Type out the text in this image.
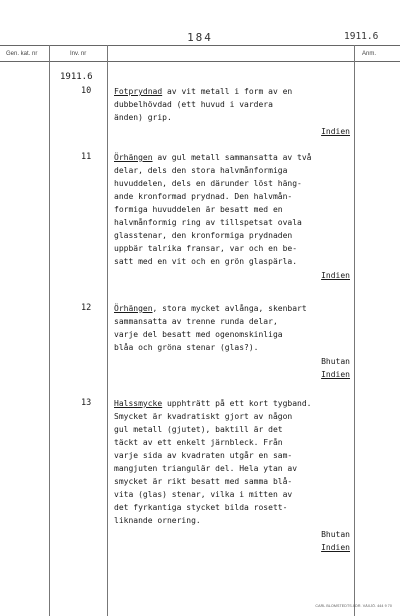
184	1911.6
Gen. kat. nr	Inv. nr	Anm.
1911.6
10	Fotprydnad av vit metall i form av en

dubbelhövdad (ett huvud i vardera

änden) grip.

Indien

11	Örhängen av gul metall sammansatta av två

delar, dels den stora halvmånformiga

huvuddelen, dels en därunder löst häng-

ande kronformad prydnad. Den halvmån-

formiga huvuddelen är besatt med en

halvmånformig ring av tillspetsat ovala

glasstenar, den kronformiga prydnaden

uppbär talrika fransar, var och en be-

satt med en vit och en grön glaspärla.

Indien

12	Örhängen, stora mycket avlånga, skenbart

sammansatta av trenne runda delar,

varje del besatt med ogenomskinliga

blåa och gröna stenar (glas?).

Bhutan

Indien

13	Halssmycke upphträtt på ett kort tygband.

Smycket är kvadratiskt gjort av någon

gul metall (gjutet), baktill är det

täckt av ett enkelt järnbleck. Från

varje sida av kvadraten utgår en sam-

mangjuten triangulär del. Hela ytan av

smycket är rikt besatt med samma blå-

vita (glas) stenar, vilka i mitten av

det fyrkantiga stycket bilda rosett-

liknande ornering.

Bhutan

Indien

CARL BLOMSTEDTS ADR. VÄXJÖ. 444 9 70
